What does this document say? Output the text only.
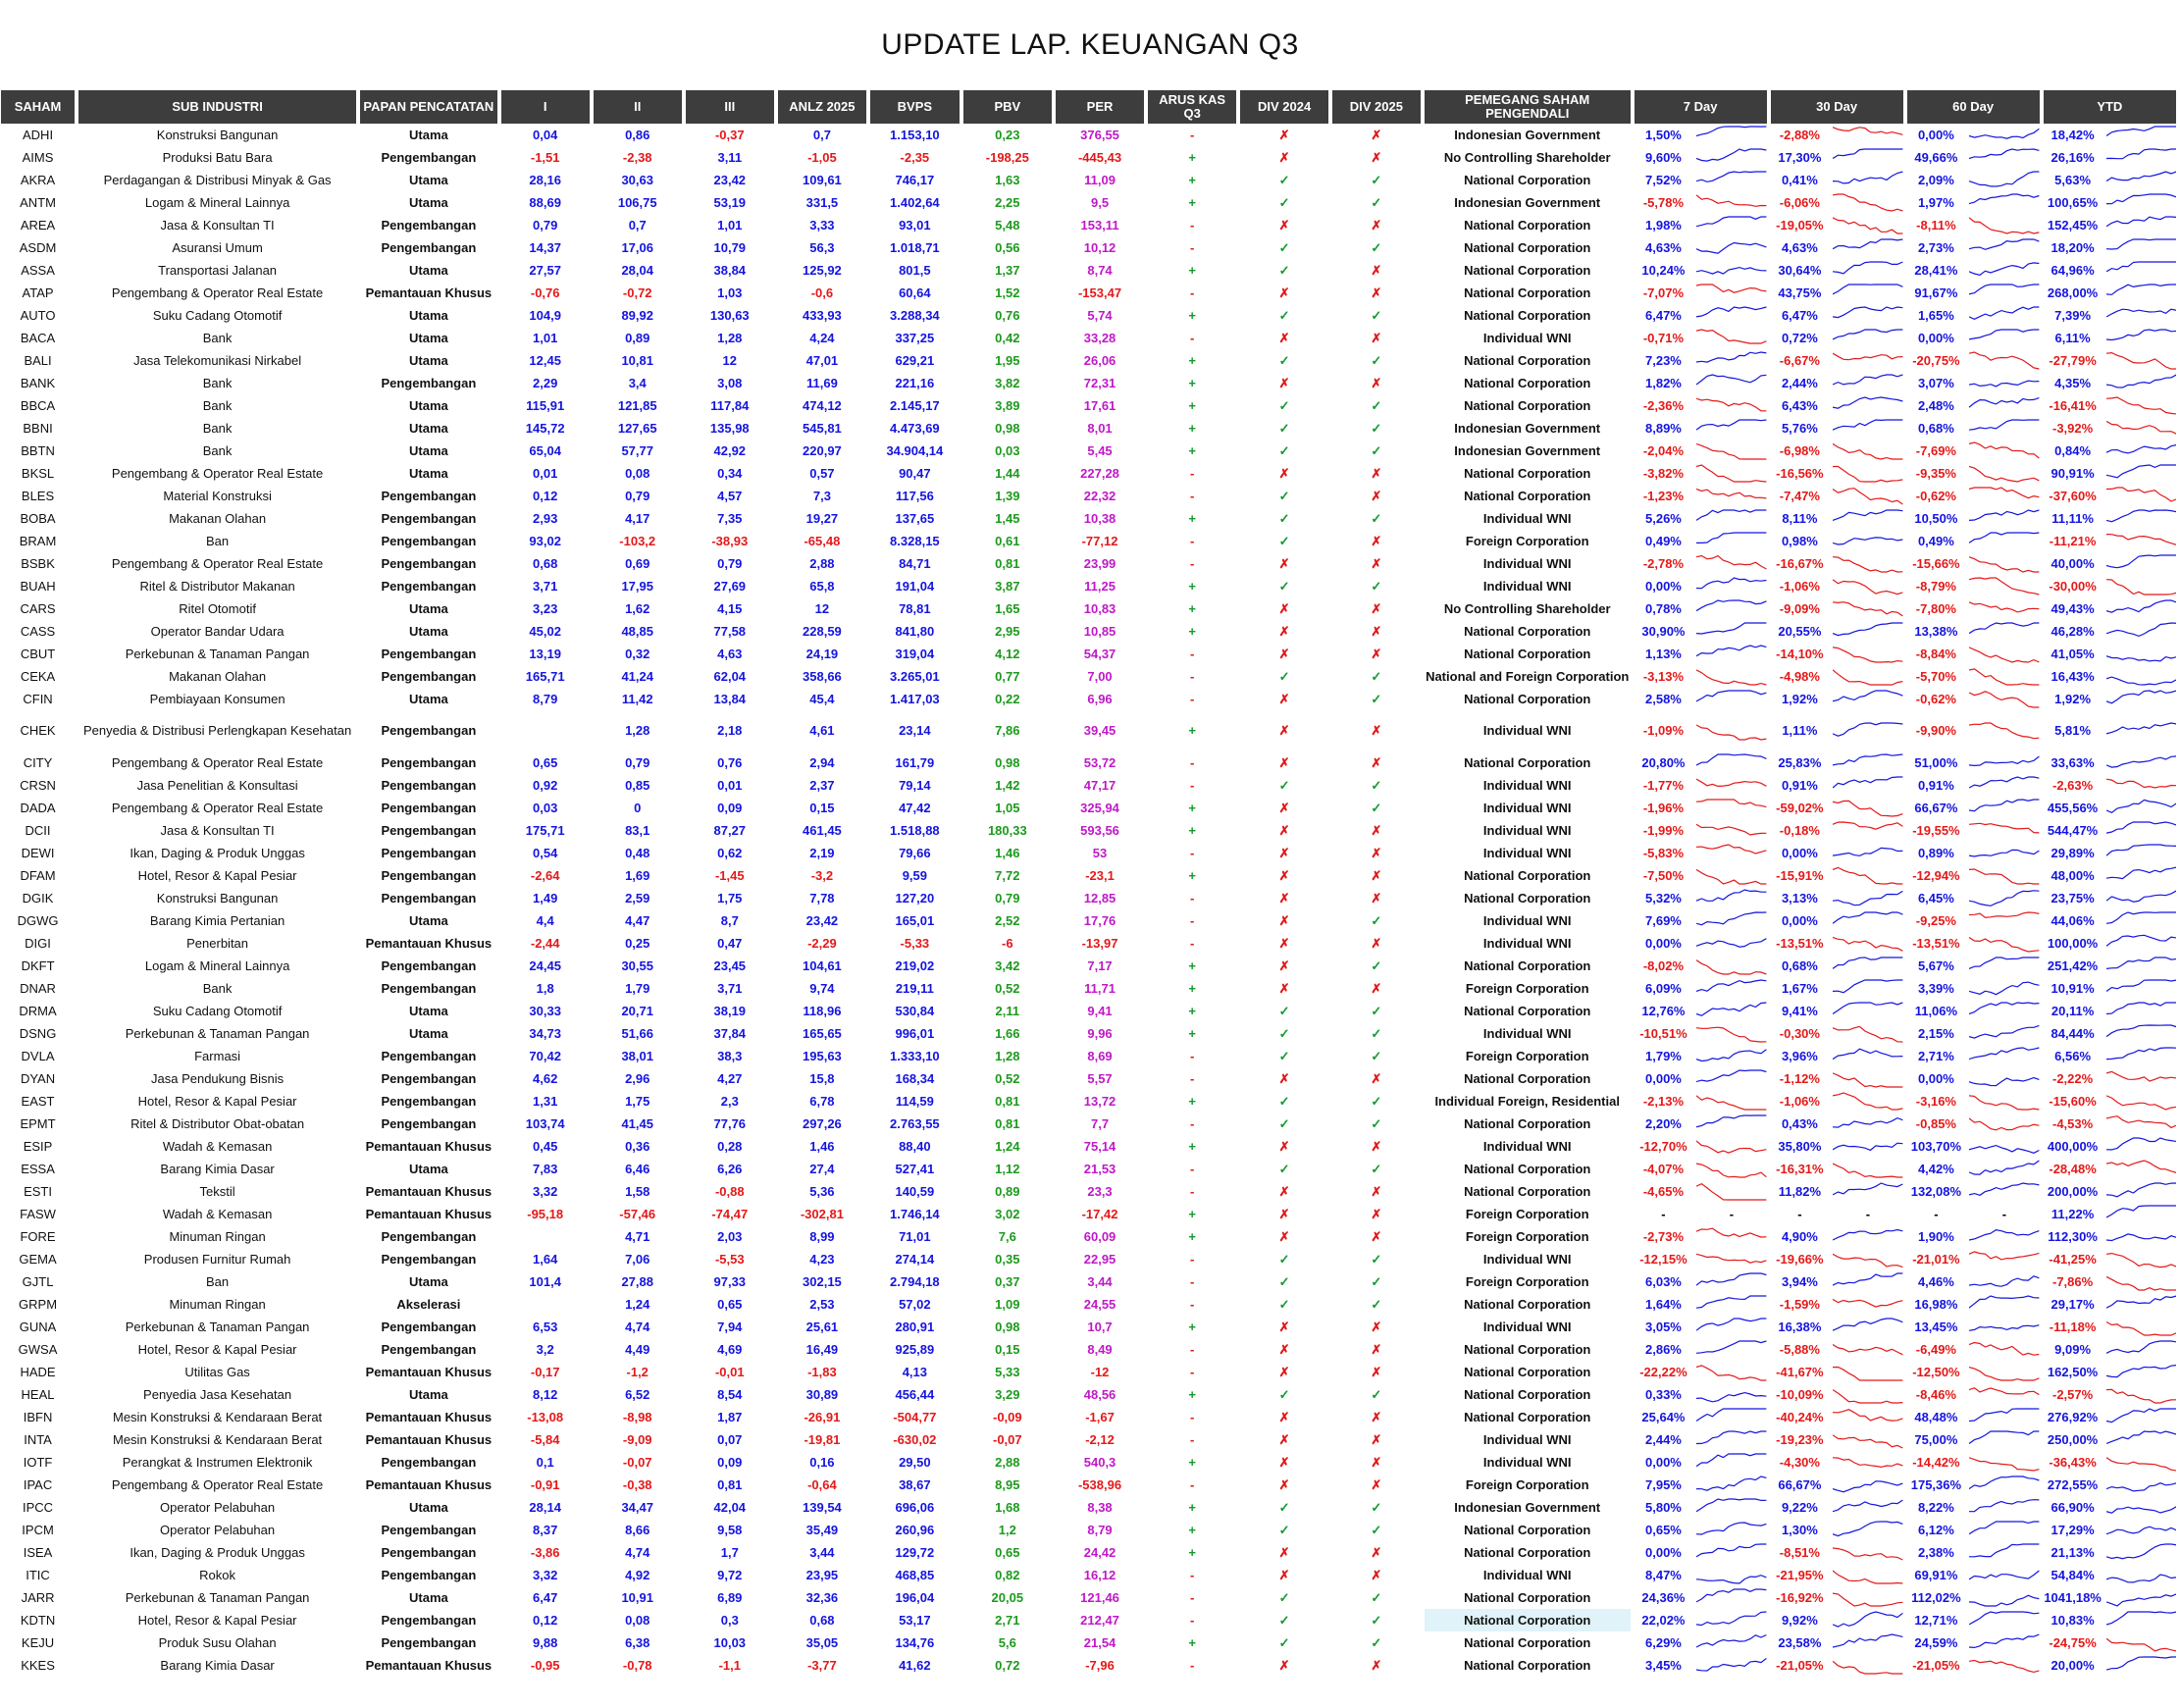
UPDATE LAP. KEUANGAN Q3
SAHAM	SUB INDUSTRI	PAPAN PENCATATAN	I	II	III	ANLZ 2025	BVPS	PBV	PER	ARUS KAS Q3	DIV 2024	DIV 2025	PEMEGANG SAHAM PENGENDALI	7 Day		30 Day		60 Day		YTD	
ADHI	Konstruksi Bangunan	Utama	0,04	0,86	-0,37	0,7	1.153,10	0,23	376,55	-	✗	✗	Indonesian Government	1,50%		-2,88%		0,00%		18,42%	

AIMS	Produksi Batu Bara	Pengembangan	-1,51	-2,38	3,11	-1,05	-2,35	-198,25	-445,43	+	✗	✗	No Controlling Shareholder	9,60%		17,30%		49,66%		26,16%	

AKRA	Perdagangan & Distribusi Minyak & Gas	Utama	28,16	30,63	23,42	109,61	746,17	1,63	11,09	+	✓	✓	National Corporation	7,52%		0,41%		2,09%		5,63%	

ANTM	Logam & Mineral Lainnya	Utama	88,69	106,75	53,19	331,5	1.402,64	2,25	9,5	+	✓	✓	Indonesian Government	-5,78%		-6,06%		1,97%		100,65%	

AREA	Jasa & Konsultan TI	Pengembangan	0,79	0,7	1,01	3,33	93,01	5,48	153,11	-	✗	✗	National Corporation	1,98%		-19,05%		-8,11%		152,45%	

ASDM	Asuransi Umum	Pengembangan	14,37	17,06	10,79	56,3	1.018,71	0,56	10,12	-	✓	✓	National Corporation	4,63%		4,63%		2,73%		18,20%	

ASSA	Transportasi Jalanan	Utama	27,57	28,04	38,84	125,92	801,5	1,37	8,74	+	✓	✗	National Corporation	10,24%		30,64%		28,41%		64,96%	

ATAP	Pengembang & Operator Real Estate	Pemantauan Khusus	-0,76	-0,72	1,03	-0,6	60,64	1,52	-153,47	-	✗	✗	National Corporation	-7,07%		43,75%		91,67%		268,00%	

AUTO	Suku Cadang Otomotif	Utama	104,9	89,92	130,63	433,93	3.288,34	0,76	5,74	+	✓	✓	National Corporation	6,47%		6,47%		1,65%		7,39%	

BACA	Bank	Utama	1,01	0,89	1,28	4,24	337,25	0,42	33,28	-	✗	✗	Individual WNI	-0,71%		0,72%		0,00%		6,11%	

BALI	Jasa Telekomunikasi Nirkabel	Utama	12,45	10,81	12	47,01	629,21	1,95	26,06	+	✓	✓	National Corporation	7,23%		-6,67%		-20,75%		-27,79%	

BANK	Bank	Pengembangan	2,29	3,4	3,08	11,69	221,16	3,82	72,31	+	✗	✗	National Corporation	1,82%		2,44%		3,07%		4,35%	

BBCA	Bank	Utama	115,91	121,85	117,84	474,12	2.145,17	3,89	17,61	+	✓	✓	National Corporation	-2,36%		6,43%		2,48%		-16,41%	

BBNI	Bank	Utama	145,72	127,65	135,98	545,81	4.473,69	0,98	8,01	+	✓	✓	Indonesian Government	8,89%		5,76%		0,68%		-3,92%	

BBTN	Bank	Utama	65,04	57,77	42,92	220,97	34.904,14	0,03	5,45	+	✓	✓	Indonesian Government	-2,04%		-6,98%		-7,69%		0,84%	

BKSL	Pengembang & Operator Real Estate	Utama	0,01	0,08	0,34	0,57	90,47	1,44	227,28	-	✗	✗	National Corporation	-3,82%		-16,56%		-9,35%		90,91%	

BLES	Material Konstruksi	Pengembangan	0,12	0,79	4,57	7,3	117,56	1,39	22,32	-	✓	✗	National Corporation	-1,23%		-7,47%		-0,62%		-37,60%	

BOBA	Makanan Olahan	Pengembangan	2,93	4,17	7,35	19,27	137,65	1,45	10,38	+	✓	✓	Individual WNI	5,26%		8,11%		10,50%		11,11%	

BRAM	Ban	Pengembangan	93,02	-103,2	-38,93	-65,48	8.328,15	0,61	-77,12	-	✓	✗	Foreign Corporation	0,49%		0,98%		0,49%		-11,21%	

BSBK	Pengembang & Operator Real Estate	Pengembangan	0,68	0,69	0,79	2,88	84,71	0,81	23,99	-	✗	✗	Individual WNI	-2,78%		-16,67%		-15,66%		40,00%	

BUAH	Ritel & Distributor Makanan	Pengembangan	3,71	17,95	27,69	65,8	191,04	3,87	11,25	+	✓	✓	Individual WNI	0,00%		-1,06%		-8,79%		-30,00%	

CARS	Ritel Otomotif	Utama	3,23	1,62	4,15	12	78,81	1,65	10,83	+	✗	✗	No Controlling Shareholder	0,78%		-9,09%		-7,80%		49,43%	

CASS	Operator Bandar Udara	Utama	45,02	48,85	77,58	228,59	841,80	2,95	10,85	+	✗	✗	National Corporation	30,90%		20,55%		13,38%		46,28%	

CBUT	Perkebunan & Tanaman Pangan	Pengembangan	13,19	0,32	4,63	24,19	319,04	4,12	54,37	-	✗	✗	National Corporation	1,13%		-14,10%		-8,84%		41,05%	

CEKA	Makanan Olahan	Pengembangan	165,71	41,24	62,04	358,66	3.265,01	0,77	7,00	-	✓	✓	National and Foreign Corporation	-3,13%		-4,98%		-5,70%		16,43%	

CFIN	Pembiayaan Konsumen	Utama	8,79	11,42	13,84	45,4	1.417,03	0,22	6,96	-	✗	✓	National Corporation	2,58%		1,92%		-0,62%		1,92%	

CHEK	Penyedia & Distribusi Perlengkapan Kesehatan	Pengembangan		1,28	2,18	4,61	23,14	7,86	39,45	+	✗	✗	Individual WNI	-1,09%		1,11%		-9,90%		5,81%	

CITY	Pengembang & Operator Real Estate	Pengembangan	0,65	0,79	0,76	2,94	161,79	0,98	53,72	-	✗	✗	National Corporation	20,80%		25,83%		51,00%		33,63%	

CRSN	Jasa Penelitian & Konsultasi	Pengembangan	0,92	0,85	0,01	2,37	79,14	1,42	47,17	-	✓	✓	Individual WNI	-1,77%		0,91%		0,91%		-2,63%	

DADA	Pengembang & Operator Real Estate	Pengembangan	0,03	0	0,09	0,15	47,42	1,05	325,94	+	✗	✓	Individual WNI	-1,96%		-59,02%		66,67%		455,56%	

DCII	Jasa & Konsultan TI	Pengembangan	175,71	83,1	87,27	461,45	1.518,88	180,33	593,56	+	✗	✗	Individual WNI	-1,99%		-0,18%		-19,55%		544,47%	

DEWI	Ikan, Daging & Produk Unggas	Pengembangan	0,54	0,48	0,62	2,19	79,66	1,46	53	-	✗	✗	Individual WNI	-5,83%		0,00%		0,89%		29,89%	

DFAM	Hotel, Resor & Kapal Pesiar	Pengembangan	-2,64	1,69	-1,45	-3,2	9,59	7,72	-23,1	+	✗	✗	National Corporation	-7,50%		-15,91%		-12,94%		48,00%	

DGIK	Konstruksi Bangunan	Pengembangan	1,49	2,59	1,75	7,78	127,20	0,79	12,85	-	✗	✗	National Corporation	5,32%		3,13%		6,45%		23,75%	

DGWG	Barang Kimia Pertanian	Utama	4,4	4,47	8,7	23,42	165,01	2,52	17,76	-	✗	✓	Individual WNI	7,69%		0,00%		-9,25%		44,06%	

DIGI	Penerbitan	Pemantauan Khusus	-2,44	0,25	0,47	-2,29	-5,33	-6	-13,97	-	✗	✗	Individual WNI	0,00%		-13,51%		-13,51%		100,00%	

DKFT	Logam & Mineral Lainnya	Pengembangan	24,45	30,55	23,45	104,61	219,02	3,42	7,17	+	✗	✓	National Corporation	-8,02%		0,68%		5,67%		251,42%	

DNAR	Bank	Pengembangan	1,8	1,79	3,71	9,74	219,11	0,52	11,71	+	✗	✗	Foreign Corporation	6,09%		1,67%		3,39%		10,91%	

DRMA	Suku Cadang Otomotif	Utama	30,33	20,71	38,19	118,96	530,84	2,11	9,41	+	✓	✓	National Corporation	12,76%		9,41%		11,06%		20,11%	

DSNG	Perkebunan & Tanaman Pangan	Utama	34,73	51,66	37,84	165,65	996,01	1,66	9,96	+	✓	✓	Individual WNI	-10,51%		-0,30%		2,15%		84,44%	

DVLA	Farmasi	Pengembangan	70,42	38,01	38,3	195,63	1.333,10	1,28	8,69	-	✓	✓	Foreign Corporation	1,79%		3,96%		2,71%		6,56%	

DYAN	Jasa Pendukung Bisnis	Pengembangan	4,62	2,96	4,27	15,8	168,34	0,52	5,57	-	✗	✗	National Corporation	0,00%		-1,12%		0,00%		-2,22%	

EAST	Hotel, Resor & Kapal Pesiar	Pengembangan	1,31	1,75	2,3	6,78	114,59	0,81	13,72	+	✓	✓	Individual Foreign, Residential	-2,13%		-1,06%		-3,16%		-15,60%	

EPMT	Ritel & Distributor Obat-obatan	Pengembangan	103,74	41,45	77,76	297,26	2.763,55	0,81	7,7	-	✓	✓	National Corporation	2,20%		0,43%		-0,85%		-4,53%	

ESIP	Wadah & Kemasan	Pemantauan Khusus	0,45	0,36	0,28	1,46	88,40	1,24	75,14	+	✗	✗	Individual WNI	-12,70%		35,80%		103,70%		400,00%	

ESSA	Barang Kimia Dasar	Utama	7,83	6,46	6,26	27,4	527,41	1,12	21,53	-	✓	✓	National Corporation	-4,07%		-16,31%		4,42%		-28,48%	

ESTI	Tekstil	Pemantauan Khusus	3,32	1,58	-0,88	5,36	140,59	0,89	23,3	-	✗	✗	National Corporation	-4,65%		11,82%		132,08%		200,00%	

FASW	Wadah & Kemasan	Pemantauan Khusus	-95,18	-57,46	-74,47	-302,81	1.746,14	3,02	-17,42	+	✗	✗	Foreign Corporation	-	-	-	-	-	-	11,22%	

FORE	Minuman Ringan	Pengembangan		4,71	2,03	8,99	71,01	7,6	60,09	+	✗	✗	Foreign Corporation	-2,73%		4,90%		1,90%		112,30%	

GEMA	Produsen Furnitur Rumah	Pengembangan	1,64	7,06	-5,53	4,23	274,14	0,35	22,95	-	✓	✓	Individual WNI	-12,15%		-19,66%		-21,01%		-41,25%	

GJTL	Ban	Utama	101,4	27,88	97,33	302,15	2.794,18	0,37	3,44	-	✓	✓	Foreign Corporation	6,03%		3,94%		4,46%		-7,86%	

GRPM	Minuman Ringan	Akselerasi		1,24	0,65	2,53	57,02	1,09	24,55	-	✓	✓	National Corporation	1,64%		-1,59%		16,98%		29,17%	

GUNA	Perkebunan & Tanaman Pangan	Pengembangan	6,53	4,74	7,94	25,61	280,91	0,98	10,7	+	✗	✗	Individual WNI	3,05%		16,38%		13,45%		-11,18%	

GWSA	Hotel, Resor & Kapal Pesiar	Pengembangan	3,2	4,49	4,69	16,49	925,89	0,15	8,49	-	✗	✗	National Corporation	2,86%		-5,88%		-6,49%		9,09%	

HADE	Utilitas Gas	Pemantauan Khusus	-0,17	-1,2	-0,01	-1,83	4,13	5,33	-12	-	✗	✗	National Corporation	-22,22%		-41,67%		-12,50%		162,50%	

HEAL	Penyedia Jasa Kesehatan	Utama	8,12	6,52	8,54	30,89	456,44	3,29	48,56	+	✓	✓	National Corporation	0,33%		-10,09%		-8,46%		-2,57%	

IBFN	Mesin Konstruksi & Kendaraan Berat	Pemantauan Khusus	-13,08	-8,98	1,87	-26,91	-504,77	-0,09	-1,67	-	✗	✗	National Corporation	25,64%		-40,24%		48,48%		276,92%	

INTA	Mesin Konstruksi & Kendaraan Berat	Pemantauan Khusus	-5,84	-9,09	0,07	-19,81	-630,02	-0,07	-2,12	-	✗	✗	Individual WNI	2,44%		-19,23%		75,00%		250,00%	

IOTF	Perangkat & Instrumen Elektronik	Pengembangan	0,1	-0,07	0,09	0,16	29,50	2,88	540,3	+	✗	✗	Individual WNI	0,00%		-4,30%		-14,42%		-36,43%	

IPAC	Pengembang & Operator Real Estate	Pemantauan Khusus	-0,91	-0,38	0,81	-0,64	38,67	8,95	-538,96	-	✗	✗	Foreign Corporation	7,95%		66,67%		175,36%		272,55%	

IPCC	Operator Pelabuhan	Utama	28,14	34,47	42,04	139,54	696,06	1,68	8,38	+	✓	✓	Indonesian Government	5,80%		9,22%		8,22%		66,90%	

IPCM	Operator Pelabuhan	Pengembangan	8,37	8,66	9,58	35,49	260,96	1,2	8,79	+	✓	✓	National Corporation	0,65%		1,30%		6,12%		17,29%	

ISEA	Ikan, Daging & Produk Unggas	Pengembangan	-3,86	4,74	1,7	3,44	129,72	0,65	24,42	+	✗	✗	National Corporation	0,00%		-8,51%		2,38%		21,13%	

ITIC	Rokok	Pengembangan	3,32	4,92	9,72	23,95	468,85	0,82	16,12	-	✗	✗	Individual WNI	8,47%		-21,95%		69,91%		54,84%	

JARR	Perkebunan & Tanaman Pangan	Utama	6,47	10,91	6,89	32,36	196,04	20,05	121,46	-	✓	✓	National Corporation	24,36%		-16,92%		112,02%		1041,18%	

KDTN	Hotel, Resor & Kapal Pesiar	Pengembangan	0,12	0,08	0,3	0,68	53,17	2,71	212,47	-	✓	✓	National Corporation	22,02%		9,92%		12,71%		10,83%	

KEJU	Produk Susu Olahan	Pengembangan	9,88	6,38	10,03	35,05	134,76	5,6	21,54	+	✓	✓	National Corporation	6,29%		23,58%		24,59%		-24,75%	

KKES	Barang Kimia Dasar	Pemantauan Khusus	-0,95	-0,78	-1,1	-3,77	41,62	0,72	-7,96	-	✗	✗	National Corporation	3,45%		-21,05%		-21,05%		20,00%	
